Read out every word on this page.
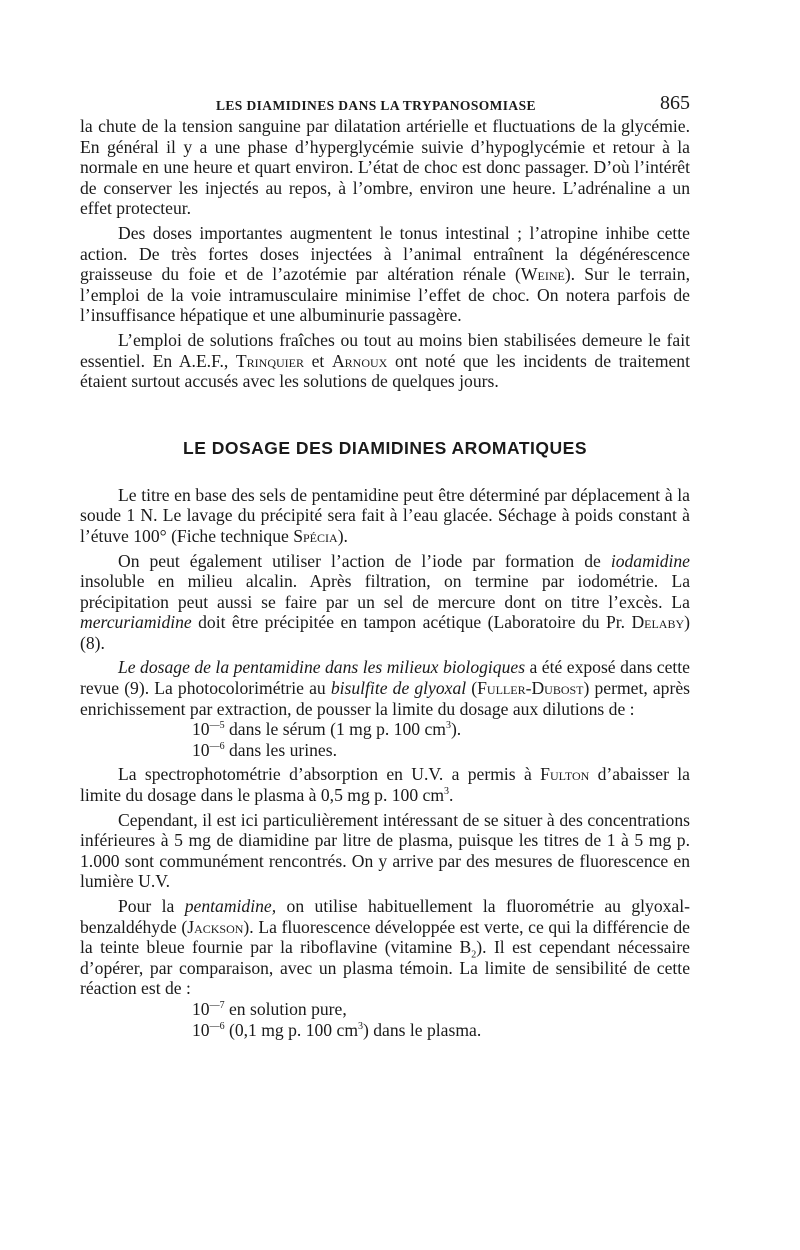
LES DIAMIDINES DANS LA TRYPANOSOMIASE	865

la chute de la tension sanguine par dilatation artérielle et fluctuations de la glycémie. En général il y a une phase d’hyperglycémie suivie d’hypoglycémie et retour à la normale en une heure et quart environ. L’état de choc est donc passager. D’où l’intérêt de conserver les injectés au repos, à l’ombre, environ une heure. L’adrénaline a un effet protecteur.

Des doses importantes augmentent le tonus intestinal ; l’atropine inhibe cette action. De très fortes doses injectées à l’animal entraînent la dégénérescence graisseuse du foie et de l’azotémie par altération rénale (Weine). Sur le terrain, l’emploi de la voie intramusculaire minimise l’effet de choc. On notera parfois de l’insuffisance hépatique et une albuminurie passagère.

L’emploi de solutions fraîches ou tout au moins bien stabilisées demeure le fait essentiel. En A.E.F., Trinquier et Arnoux ont noté que les incidents de traitement étaient surtout accusés avec les solutions de quelques jours.

LE DOSAGE DES DIAMIDINES AROMATIQUES

Le titre en base des sels de pentamidine peut être déterminé par déplacement à la soude 1 N. Le lavage du précipité sera fait à l’eau glacée. Séchage à poids constant à l’étuve 100° (Fiche technique Spécia).

On peut également utiliser l’action de l’iode par formation de iodamidine insoluble en milieu alcalin. Après filtration, on termine par iodométrie. La précipitation peut aussi se faire par un sel de mercure dont on titre l’excès. La mercuriamidine doit être précipitée en tampon acétique (Laboratoire du Pr. Delaby) (8).

Le dosage de la pentamidine dans les milieux biologiques a été exposé dans cette revue (9). La photocolorimétrie au bisulfite de glyoxal (Fuller-Dubost) permet, après enrichissement par extraction, de pousser la limite du dosage aux dilutions de :

$10^{—5}$ dans le sérum (1 mg p. 100 $cm^3$).
$10^{—6}$ dans les urines.

La spectrophotométrie d’absorption en U.V. a permis à Fulton d’abaisser la limite du dosage dans le plasma à 0,5 mg p. 100 $cm^3$.

Cependant, il est ici particulièrement intéressant de se situer à des concentrations inférieures à 5 mg de diamidine par litre de plasma, puisque les titres de 1 à 5 mg p. 1.000 sont communément rencontrés. On y arrive par des mesures de fluorescence en lumière U.V.

Pour la pentamidine, on utilise habituellement la fluorométrie au glyoxal-benzaldéhyde (Jackson). La fluorescence développée est verte, ce qui la différencie de la teinte bleue fournie par la riboflavine (vitamine $B_2$). Il est cependant nécessaire d’opérer, par comparaison, avec un plasma témoin. La limite de sensibilité de cette réaction est de :

$10^{—7}$ en solution pure,
$10^{—6}$ (0,1 mg p. 100 $cm^3$) dans le plasma.
